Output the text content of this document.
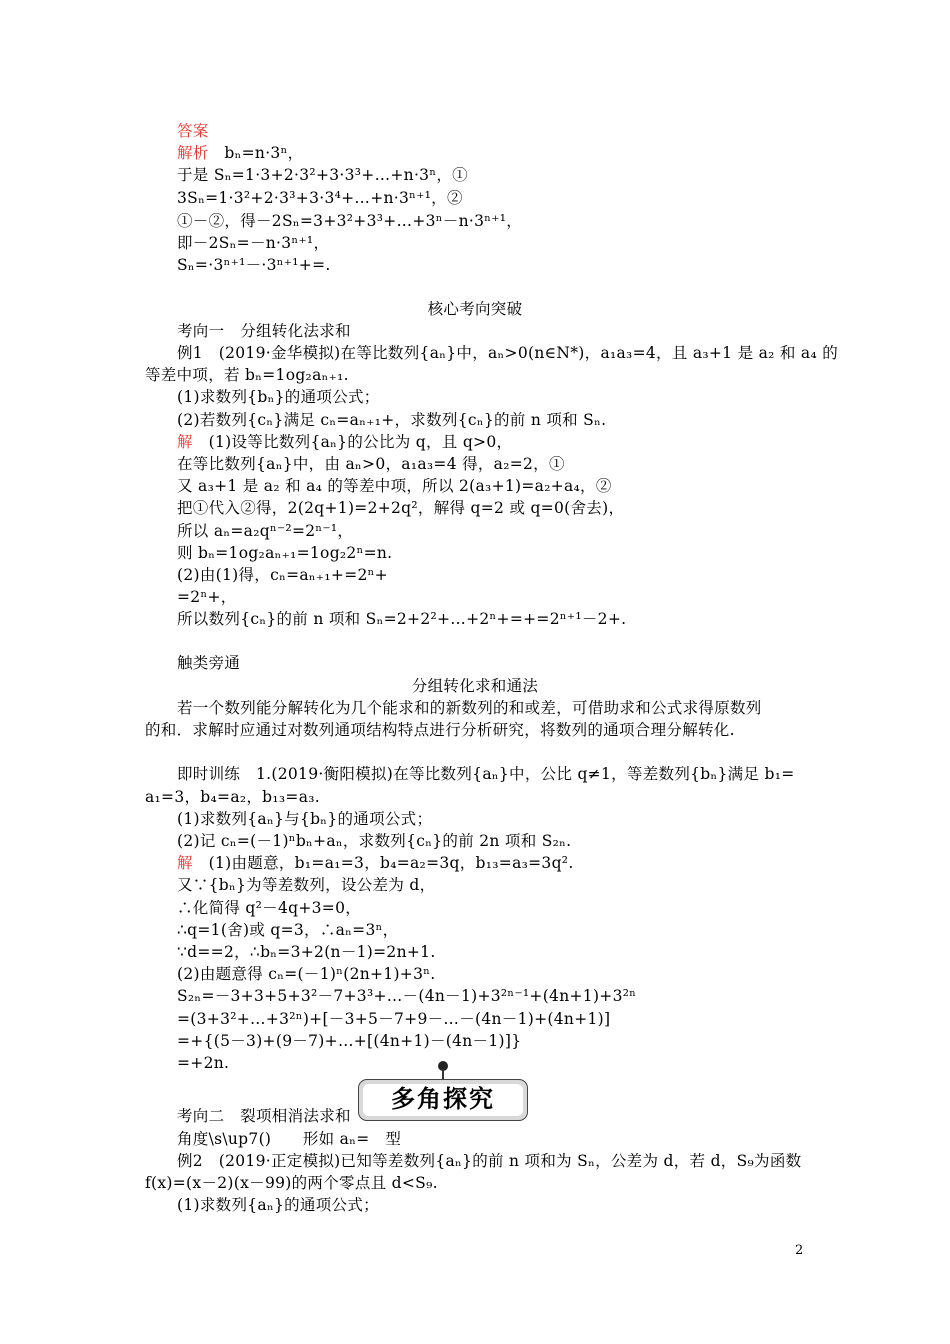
答案
解析　bₙ=n·3ⁿ，
于是 Sₙ=1·3+2·3²+3·3³+…+n·3ⁿ，①
3Sₙ=1·3²+2·3³+3·3⁴+…+n·3ⁿ⁺¹，②
①－②，得－2Sₙ=3+3²+3³+…+3ⁿ－n·3ⁿ⁺¹，
即－2Sₙ=－n·3ⁿ⁺¹，
Sₙ=·3ⁿ⁺¹－·3ⁿ⁺¹+=.
核心考向突破
考向一　分组转化法求和
例1　(2019·金华模拟)在等比数列{aₙ}中，aₙ>0(n∈N*)，a₁a₃=4，且 a₃+1 是 a₂ 和 a₄ 的
等差中项，若 bₙ=1og₂aₙ₊₁.
(1)求数列{bₙ}的通项公式；
(2)若数列{cₙ}满足 cₙ=aₙ₊₁+，求数列{cₙ}的前 n 项和 Sₙ.
解　(1)设等比数列{aₙ}的公比为 q，且 q>0，
在等比数列{aₙ}中，由 aₙ>0，a₁a₃=4 得，a₂=2，①
又 a₃+1 是 a₂ 和 a₄ 的等差中项，所以 2(a₃+1)=a₂+a₄，②
把①代入②得，2(2q+1)=2+2q²，解得 q=2 或 q=0(舍去)，
所以 aₙ=a₂qⁿ⁻²=2ⁿ⁻¹，
则 bₙ=1og₂aₙ₊₁=1og₂2ⁿ=n.
(2)由(1)得，cₙ=aₙ₊₁+=2ⁿ+
=2ⁿ+，
所以数列{cₙ}的前 n 项和 Sₙ=2+2²+…+2ⁿ+=+=2ⁿ⁺¹－2+.
触类旁通
分组转化求和通法
若一个数列能分解转化为几个能求和的新数列的和或差，可借助求和公式求得原数列
的和．求解时应通过对数列通项结构特点进行分析研究，将数列的通项合理分解转化.
即时训练　1.(2019·衡阳模拟)在等比数列{aₙ}中，公比 q≠1，等差数列{bₙ}满足 b₁=
a₁=3，b₄=a₂，b₁₃=a₃.
(1)求数列{aₙ}与{bₙ}的通项公式；
(2)记 cₙ=(－1)ⁿbₙ+aₙ，求数列{cₙ}的前 2n 项和 S₂ₙ.
解　(1)由题意，b₁=a₁=3，b₄=a₂=3q，b₁₃=a₃=3q².
又∵{bₙ}为等差数列，设公差为 d，
∴化简得 q²－4q+3=0，
∴q=1(舍)或 q=3，∴aₙ=3ⁿ，
∵d==2，∴bₙ=3+2(n－1)=2n+1.
(2)由题意得 cₙ=(－1)ⁿ(2n+1)+3ⁿ.
S₂ₙ=－3+3+5+3²－7+3³+…－(4n－1)+3²ⁿ⁻¹+(4n+1)+3²ⁿ
=(3+3²+…+3²ⁿ)+[－3+5－7+9－…－(4n－1)+(4n+1)]
=+{(5－3)+(9－7)+…+[(4n+1)－(4n－1)]}
=+2n.
多角探究
考向二　裂项相消法求和
角度\s\up7()　　形如 aₙ=　型
例2　(2019·正定模拟)已知等差数列{aₙ}的前 n 项和为 Sₙ，公差为 d，若 d，S₉为函数
f(x)=(x－2)(x－99)的两个零点且 d<S₉.
(1)求数列{aₙ}的通项公式；
2
